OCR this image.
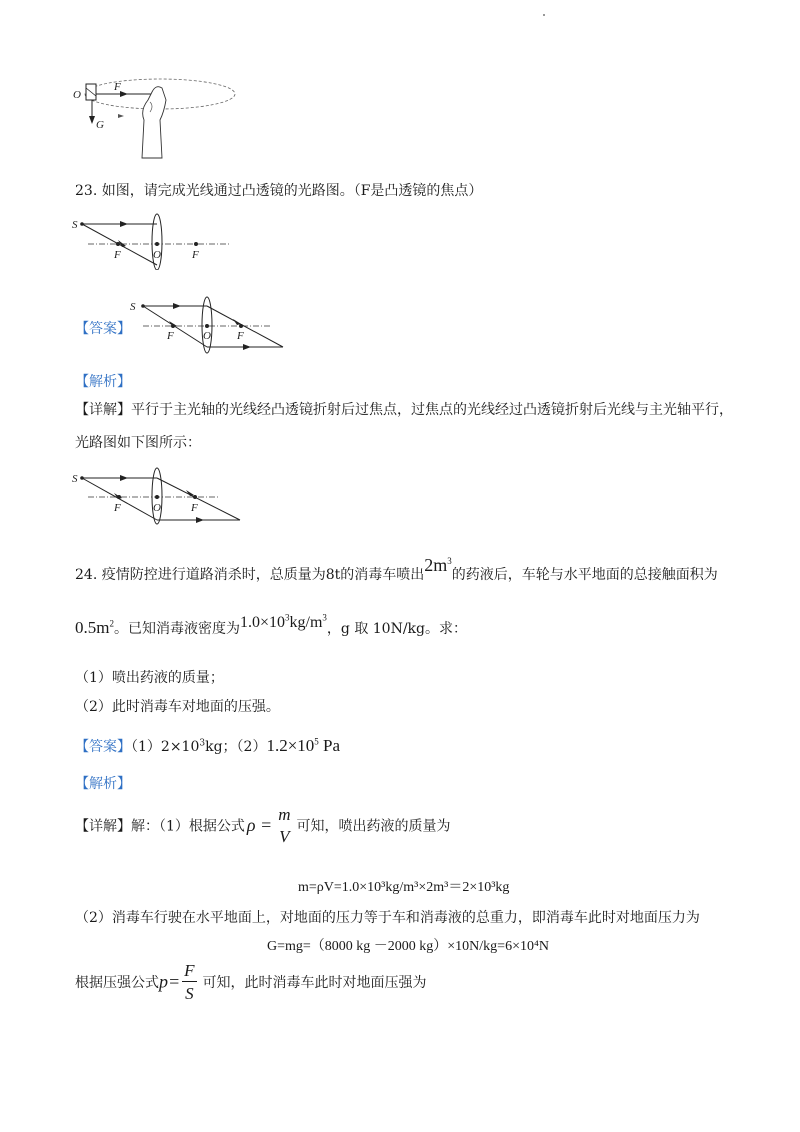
O
F
G
23. 如图，请完成光线通过凸透镜的光路图。（F是凸透镜的焦点）
S
F	O	F
【答案】
S
F	O F
【解析】
【详解】平行于主光轴的光线经凸透镜折射后过焦点，过焦点的光线经过凸透镜折射后光线与主光轴平行，
光路图如下图所示：
S
F	O	F
24. 疫情防控进行道路消杀时，总质量为8t的消毒车喷出$2m^3$的药液后，车轮与水平地面的总接触面积为
$0.5m^2$。已知消毒液密度为$1.0\times 10^3kg/m^3$，g 取 10N/kg。求：
（1）喷出药液的质量；
（2）此时消毒车对地面的压强。
【答案】$(1)2\times 10^3kg$；$(2)1.2\times 10^5$ Pa
【解析】
【详解】解：（1）根据公式 ρ =
m
V
可知，喷出药液的质量为
m=ρV=1.0×10³kg/m³×2m³＝2×10³kg
（2）消毒车行驶在水平地面上，对地面的压力等于车和消毒液的总重力，即消毒车此时对地面压力为
G=mg=（8000 kg －2000 kg）×10N/kg=6×10⁴N
根据压强公式$p= \frac{F}{S}$ 可知，此时消毒车此时对地面压强为
